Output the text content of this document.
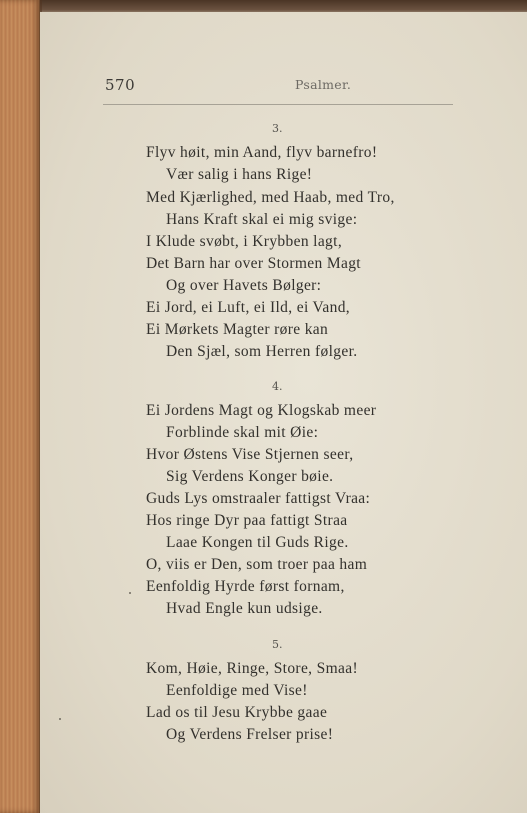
570	Psalmer.
3.
Flyv høit, min Aand, flyv barnefro!
Vær salig i hans Rige!
Med Kjærlighed, med Haab, med Tro,
Hans Kraft skal ei mig svige:
I Klude svøbt, i Krybben lagt,
Det Barn har over Stormen Magt
Og over Havets Bølger:
Ei Jord, ei Luft, ei Ild, ei Vand,
Ei Mørkets Magter røre kan
Den Sjæl, som Herren følger.
4.
Ei Jordens Magt og Klogskab meer
Forblinde skal mit Øie:
Hvor Østens Vise Stjernen seer,
Sig Verdens Konger bøie.
Guds Lys omstraaler fattigst Vraa:
Hos ringe Dyr paa fattigt Straa
Laae Kongen til Guds Rige.
O, viis er Den, som troer paa ham
Eenfoldig Hyrde først fornam,
Hvad Engle kun udsige.
5.
Kom, Høie, Ringe, Store, Smaa!
Eenfoldige med Vise!
Lad os til Jesu Krybbe gaae
Og Verdens Frelser prise!
